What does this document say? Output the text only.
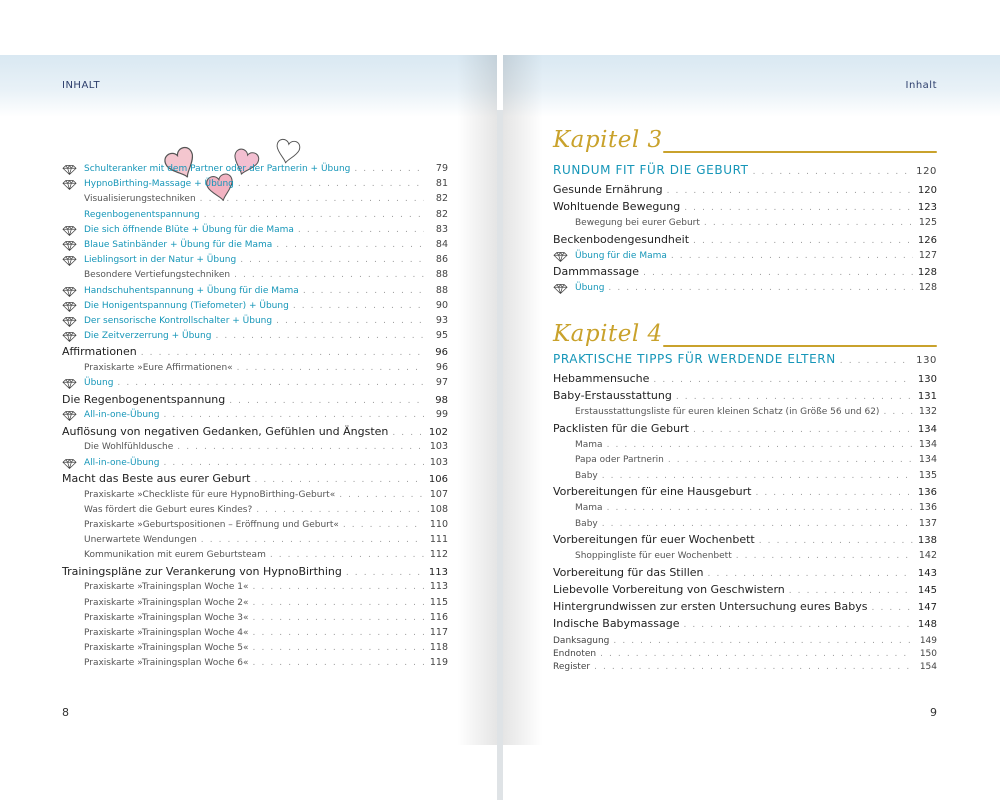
INHALT
Schulteranker mit dem Partner oder der Partnerin + Übung . . .	79
HypnoBirthing-Massage + Übung . . .	81
Visualisierungstechniken . . .	82
Regenbogenentspannung . . .	82
Die sich öffnende Blüte + Übung für die Mama . . .	83
Blaue Satinbänder + Übung für die Mama . . .	84
Lieblingsort in der Natur + Übung . . .	86
Besondere Vertiefungstechniken . . .	88
Handschuhentspannung + Übung für die Mama . . .	88
Die Honigentspannung (Tiefometer) + Übung . . .	90
Der sensorische Kontrollschalter + Übung . . .	93
Die Zeitverzerrung + Übung . . .	95
Affirmationen . . .	96
Praxiskarte »Eure Affirmationen« . . .	96
Übung . . .	97
Die Regenbogenentspannung . . .	98
All-in-one-Übung . . .	99
Auflösung von negativen Gedanken, Gefühlen und Ängsten . . .	102
Die Wohlfühldusche . . .	103
All-in-one-Übung . . .	103
Macht das Beste aus eurer Geburt . . .	106
Praxiskarte »Checkliste für eure HypnoBirthing-Geburt« . . .	107
Was fördert die Geburt eures Kindes? . . .	108
Praxiskarte »Geburtspositionen – Eröffnung und Geburt« . . .	110
Unerwartete Wendungen . . .	111
Kommunikation mit eurem Geburtsteam . . .	112
Trainingspläne zur Verankerung von HypnoBirthing . . .	113
Praxiskarte »Trainingsplan Woche 1« . . .	113
Praxiskarte »Trainingsplan Woche 2« . . .	115
Praxiskarte »Trainingsplan Woche 3« . . .	116
Praxiskarte »Trainingsplan Woche 4« . . .	117
Praxiskarte »Trainingsplan Woche 5« . . .	118
Praxiskarte »Trainingsplan Woche 6« . . .	119
8
Inhalt
Kapitel 3
RUNDUM FIT FÜR DIE GEBURT . . .	120
Gesunde Ernährung . . .	120
Wohltuende Bewegung . . .	123
Bewegung bei eurer Geburt . . .	125
Beckenbodengesundheit . . .	126
Übung für die Mama . . .	127
Dammmassage . . .	128
Übung . . .	128
Kapitel 4
PRAKTISCHE TIPPS FÜR WERDENDE ELTERN . . .	130
Hebammensuche . . .	130
Baby-Erstausstattung . . .	131
Erstausstattungsliste für euren kleinen Schatz (in Größe 56 und 62) . . .	132
Packlisten für die Geburt . . .	134
Mama . . .	134
Papa oder Partnerin . . .	134
Baby . . .	135
Vorbereitungen für eine Hausgeburt . . .	136
Mama . . .	136
Baby . . .	137
Vorbereitungen für euer Wochenbett . . .	138
Shoppingliste für euer Wochenbett . . .	142
Vorbereitung für das Stillen . . .	143
Liebevolle Vorbereitung von Geschwistern . . .	145
Hintergrundwissen zur ersten Untersuchung eures Babys . . .	147
Indische Babymassage . . .	148
Danksagung . . .	149
Endnoten . . .	150
Register . . .	154
9
